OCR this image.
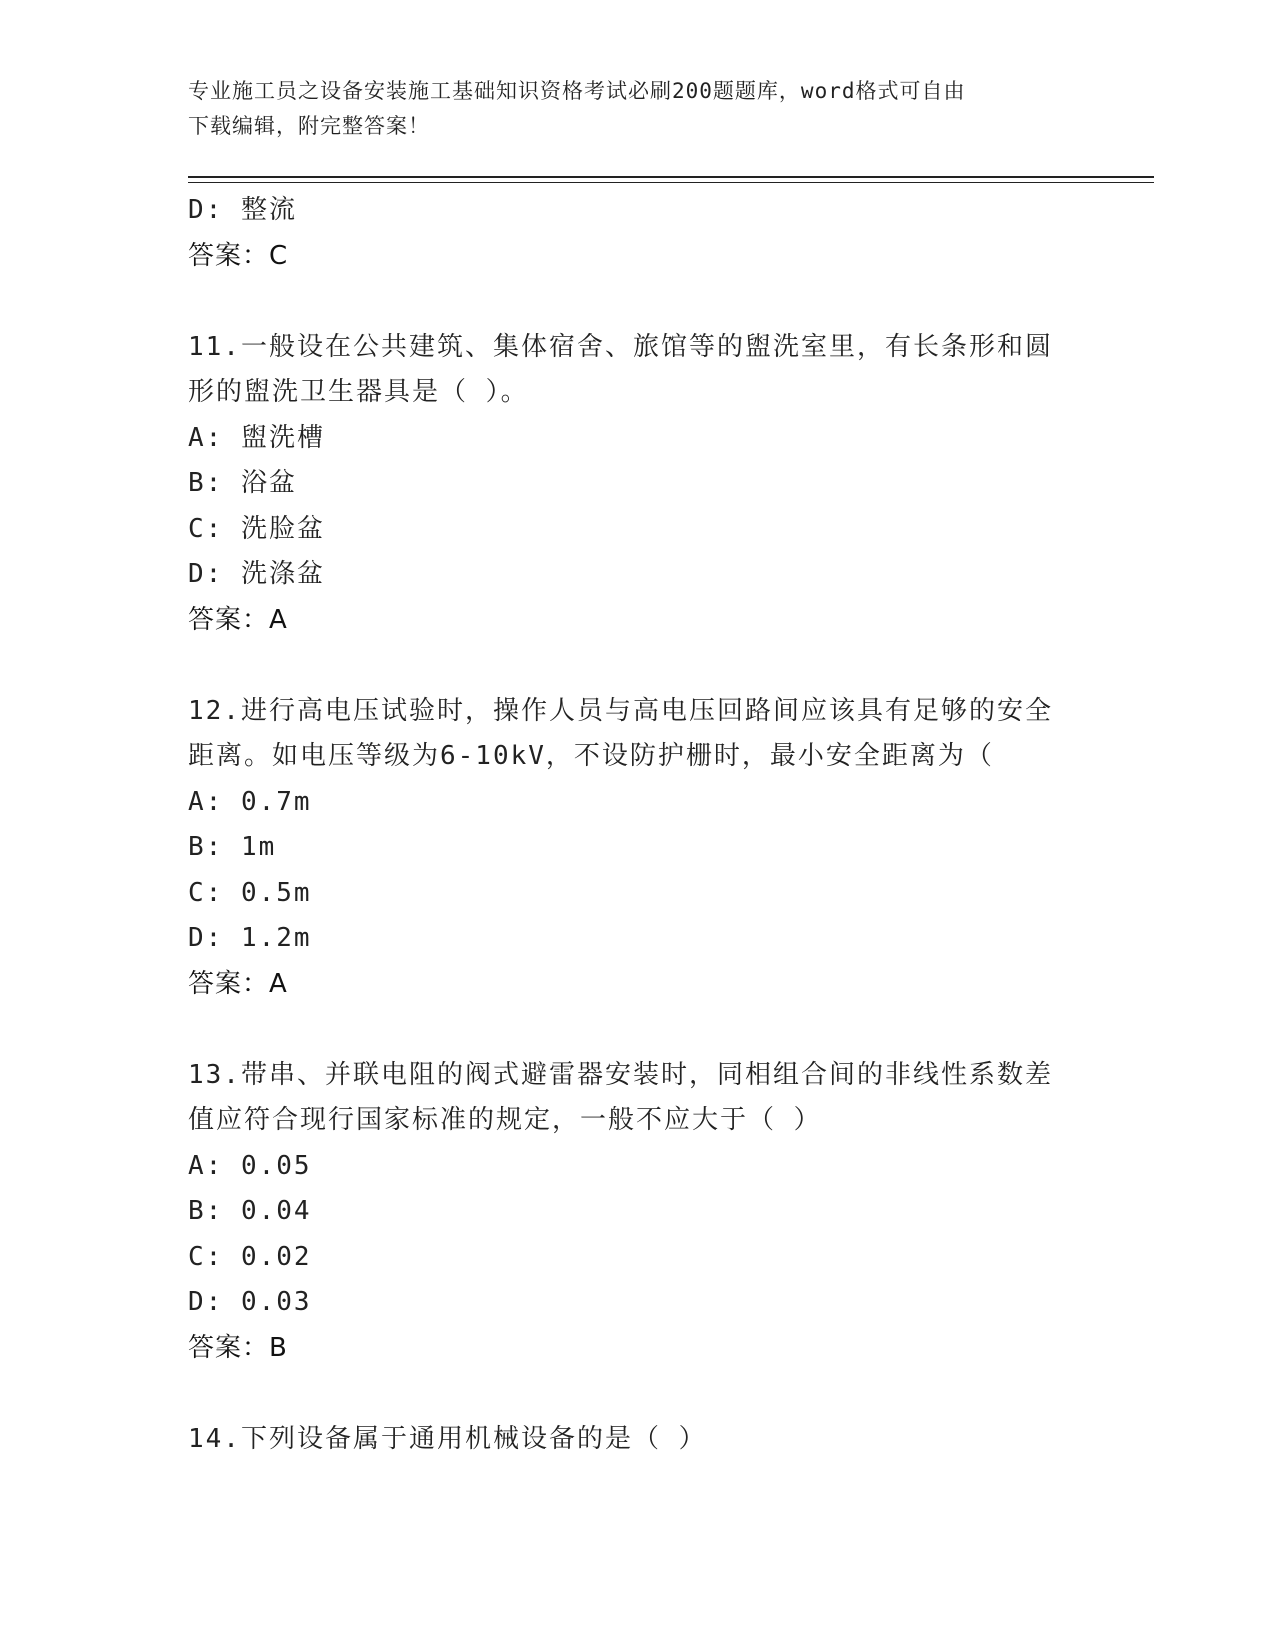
专业施工员之设备安装施工基础知识资格考试必刷200题题库，word格式可自由
下载编辑，附完整答案！
D: 整流
答案：C
11.一般设在公共建筑、集体宿舍、旅馆等的盥洗室里，有长条形和圆
形的盥洗卫生器具是（ ）。
A: 盥洗槽
B: 浴盆
C: 洗脸盆
D: 洗涤盆
答案：A
12.进行高电压试验时，操作人员与高电压回路间应该具有足够的安全
距离。如电压等级为6-10kV，不设防护栅时，最小安全距离为（
A: 0.7m
B: 1m
C: 0.5m
D: 1.2m
答案：A
13.带串、并联电阻的阀式避雷器安装时，同相组合间的非线性系数差
值应符合现行国家标准的规定，一般不应大于（ ）
A: 0.05
B: 0.04
C: 0.02
D: 0.03
答案：B
14.下列设备属于通用机械设备的是（ ）
